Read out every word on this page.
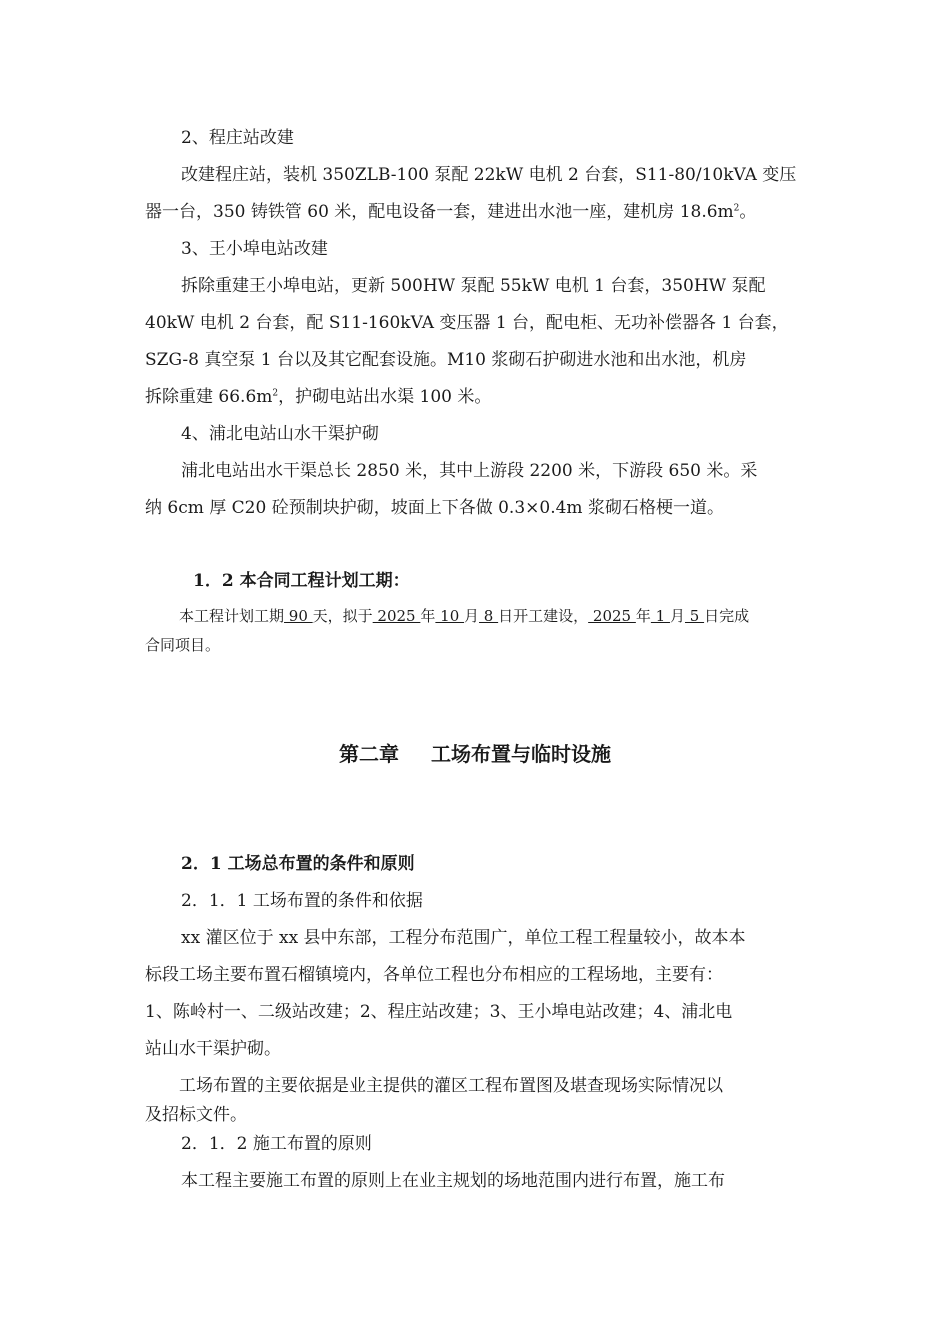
2、程庄站改建
改建程庄站，装机 350ZLB-100 泵配 22kW 电机 2 台套，S11-80/10kVA 变压
器一台，350 铸铁管 60 米，配电设备一套，建进出水池一座，建机房 $18.6m^2$。
3、王小埠电站改建
拆除重建王小埠电站，更新 500HW 泵配 55kW 电机 1 台套，350HW 泵配
40kW 电机 2 台套，配 S11-160kVA 变压器 1 台，配电柜、无功补偿器各 1 台套，
SZG-8 真空泵 1 台以及其它配套设施。M10 浆砌石护砌进水池和出水池，机房
拆除重建 $66.6m^2$，护砌电站出水渠 100 米。
4、浦北电站山水干渠护砌
浦北电站出水干渠总长 2850 米，其中上游段 2200 米，下游段 650 米。采
纳 6cm 厚 C20 砼预制块护砌，坡面上下各做 0.3×0.4m 浆砌石格梗一道。
1．2 本合同工程计划工期：
本工程计划工期 90 天，拟于 2025 年 10 月 8 日开工建设， 2025 年 1 月 5 日完成
合同项目。
第二章 工场布置与临时设施
2．1 工场总布置的条件和原则
2．1．1 工场布置的条件和依据
xx 灌区位于 xx 县中东部，工程分布范围广，单位工程工程量较小，故本本
标段工场主要布置石榴镇境内，各单位工程也分布相应的工程场地，主要有：
1、陈岭村一、二级站改建；2、程庄站改建；3、王小埠电站改建；4、浦北电
站山水干渠护砌。
工场布置的主要依据是业主提供的灌区工程布置图及堪查现场实际情况以
及招标文件。
2．1．2 施工布置的原则
本工程主要施工布置的原则上在业主规划的场地范围内进行布置，施工布
